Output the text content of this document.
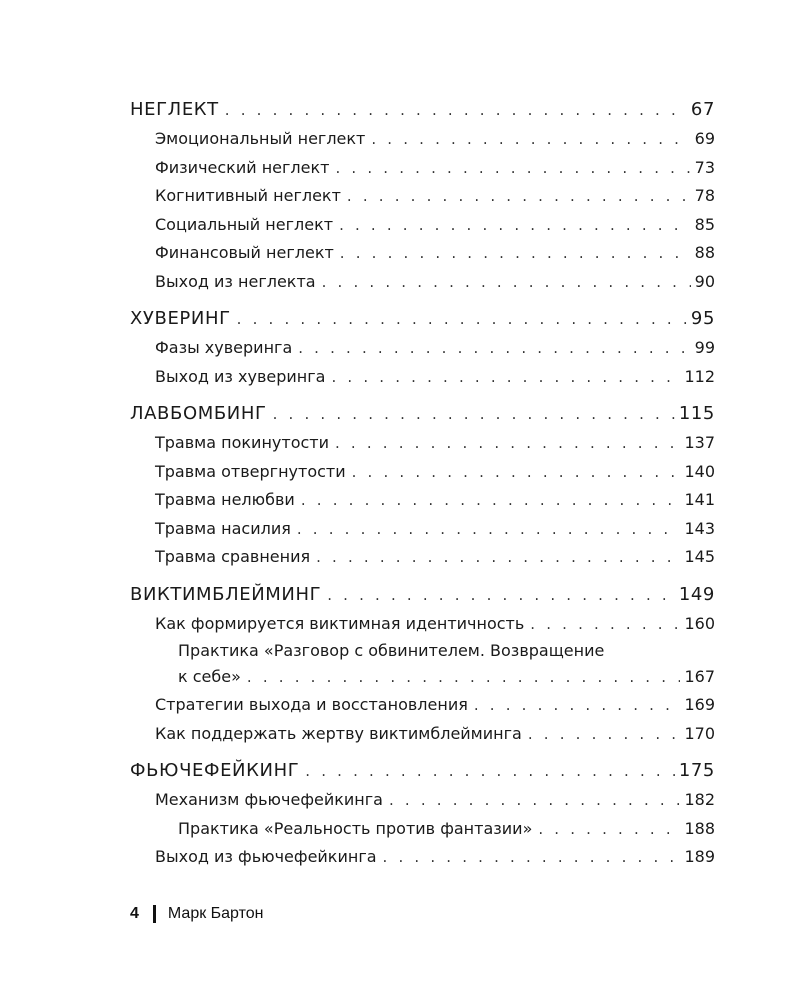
НЕГЛЕКТ . . .	67
Эмоциональный неглект . . .	69
Физический неглект . . .	73
Когнитивный неглект . . .	78
Социальный неглект . . .	85
Финансовый неглект . . .	88
Выход из неглекта . . .	90
ХУВЕРИНГ . . .	95
Фазы хуверинга . . .	99
Выход из хуверинга . . .	112
ЛАВБОМБИНГ . . .	115
Травма покинутости . . .	137
Травма отвергнутости . . .	140
Травма нелюбви . . .	141
Травма насилия . . .	143
Травма сравнения . . .	145
ВИКТИМБЛЕЙМИНГ . . .	149
Как формируется виктимная идентичность . . .	160
Практика «Разговор с обвинителем. Возвращение
к себе» . . .	167
Стратегии выхода и восстановления . . .	169
Как поддержать жертву виктимблейминга . . .	170
ФЬЮЧЕФЕЙКИНГ . . .	175
Механизм фьючефейкинга . . .	182
Практика «Реальность против фантазии» . . .	188
Выход из фьючефейкинга . . .	189
4 Марк Бартон
